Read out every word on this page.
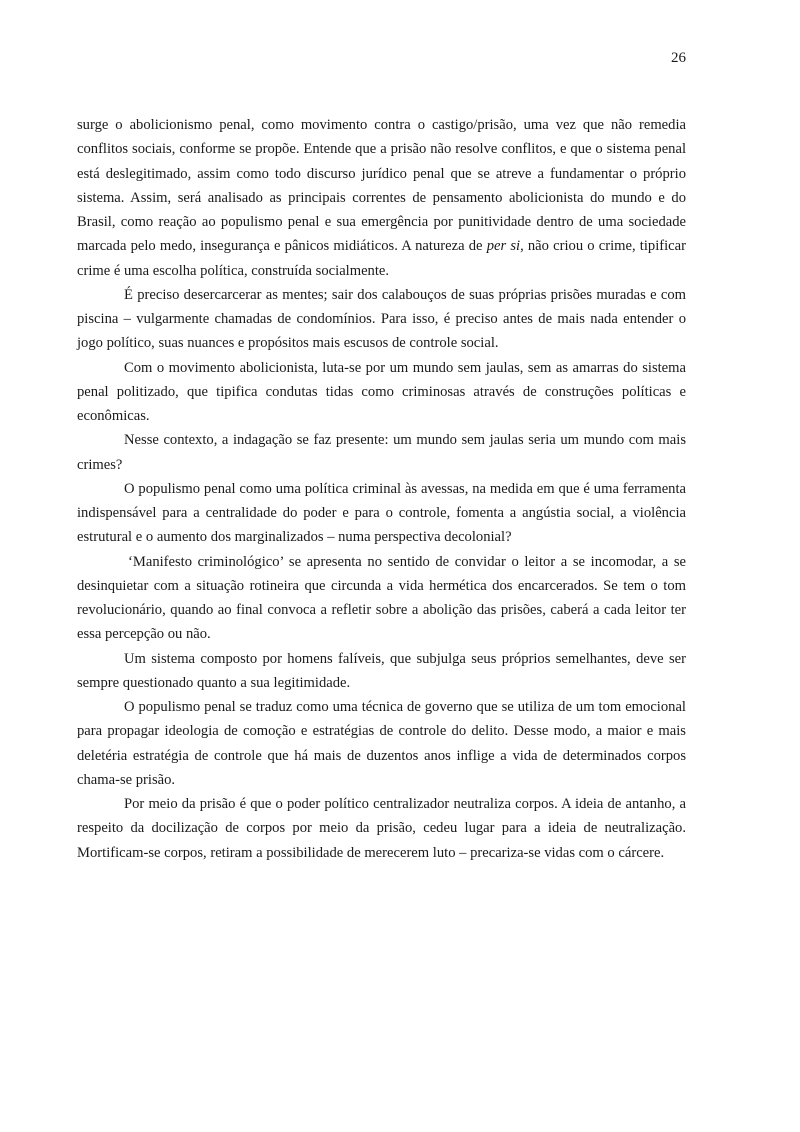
26

surge o abolicionismo penal, como movimento contra o castigo/prisão, uma vez que não remedia conflitos sociais, conforme se propõe. Entende que a prisão não resolve conflitos, e que o sistema penal está deslegitimado, assim como todo discurso jurídico penal que se atreve a fundamentar o próprio sistema. Assim, será analisado as principais correntes de pensamento abolicionista do mundo e do Brasil, como reação ao populismo penal e sua emergência por punitividade dentro de uma sociedade marcada pelo medo, insegurança e pânicos midiáticos. A natureza de per si, não criou o crime, tipificar crime é uma escolha política, construída socialmente.

É preciso desercarcerar as mentes; sair dos calabouços de suas próprias prisões muradas e com piscina – vulgarmente chamadas de condomínios. Para isso, é preciso antes de mais nada entender o jogo político, suas nuances e propósitos mais escusos de controle social.

Com o movimento abolicionista, luta-se por um mundo sem jaulas, sem as amarras do sistema penal politizado, que tipifica condutas tidas como criminosas através de construções políticas e econômicas.

Nesse contexto, a indagação se faz presente: um mundo sem jaulas seria um mundo com mais crimes?

O populismo penal como uma política criminal às avessas, na medida em que é uma ferramenta indispensável para a centralidade do poder e para o controle, fomenta a angústia social, a violência estrutural e o aumento dos marginalizados – numa perspectiva decolonial?

‘Manifesto criminológico’ se apresenta no sentido de convidar o leitor a se incomodar, a se desinquietar com a situação rotineira que circunda a vida hermética dos encarcerados. Se tem o tom revolucionário, quando ao final convoca a refletir sobre a abolição das prisões, caberá a cada leitor ter essa percepção ou não.

Um sistema composto por homens falíveis, que subjulga seus próprios semelhantes, deve ser sempre questionado quanto a sua legitimidade.

O populismo penal se traduz como uma técnica de governo que se utiliza de um tom emocional para propagar ideologia de comoção e estratégias de controle do delito. Desse modo, a maior e mais deletéria estratégia de controle que há mais de duzentos anos inflige a vida de determinados corpos chama-se prisão.

Por meio da prisão é que o poder político centralizador neutraliza corpos. A ideia de antanho, a respeito da docilização de corpos por meio da prisão, cedeu lugar para a ideia de neutralização. Mortificam-se corpos, retiram a possibilidade de merecerem luto – precariza-se vidas com o cárcere.
